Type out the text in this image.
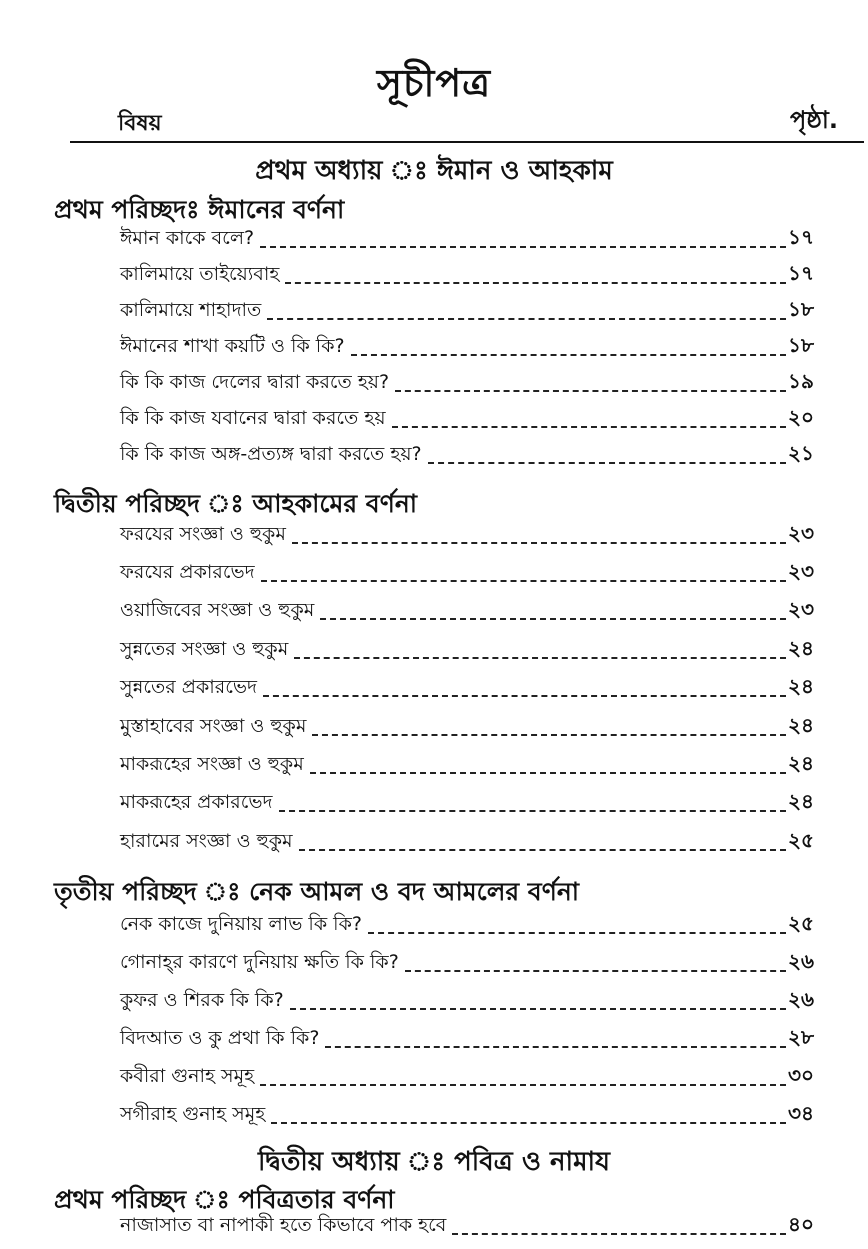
সূচীপত্র
বিষয়	পৃষ্ঠা.
প্রথম অধ্যায় ঃ ঈমান ও আহকাম
প্রথম পরিচ্ছদঃ ঈমানের বর্ণনা
ঈমান কাকে বলে?	১৭
কালিমায়ে তাইয়্যেবাহ	১৭
কালিমায়ে শাহাদাত	১৮
ঈমানের শাখা কয়টি ও কি কি?	১৮
কি কি কাজ দেলের দ্বারা করতে হয়?	১৯
কি কি কাজ যবানের দ্বারা করতে হয়	২০
কি কি কাজ অঙ্গ-প্রত্যঙ্গ দ্বারা করতে হয়?	২১
দ্বিতীয় পরিচ্ছদ ঃ আহকামের বর্ণনা
ফরযের সংজ্ঞা ও হুকুম	২৩
ফরযের প্রকারভেদ	২৩
ওয়াজিবের সংজ্ঞা ও হুকুম	২৩
সুন্নতের সংজ্ঞা ও হুকুম	২৪
সুন্নতের প্রকারভেদ	২৪
মুস্তাহাবের সংজ্ঞা ও হুকুম	২৪
মাকরূহের সংজ্ঞা ও হুকুম	২৪
মাকরূহের প্রকারভেদ	২৪
হারামের সংজ্ঞা ও হুকুম	২৫
তৃতীয় পরিচ্ছদ ঃ নেক আমল ও বদ আমলের বর্ণনা
নেক কাজে দুনিয়ায় লাভ কি কি?	২৫
গোনাহ্‌র কারণে দুনিয়ায় ক্ষতি কি কি?	২৬
কুফর ও শিরক কি কি?	২৬
বিদআত ও কু প্রথা কি কি?	২৮
কবীরা গুনাহ সমূহ	৩০
সগীরাহ গুনাহ সমূহ	৩৪
দ্বিতীয় অধ্যায় ঃ পবিত্র ও নামায
প্রথম পরিচ্ছদ ঃ পবিত্রতার বর্ণনা
নাজাসাত বা নাপাকী হতে কিভাবে পাক হবে	৪০
